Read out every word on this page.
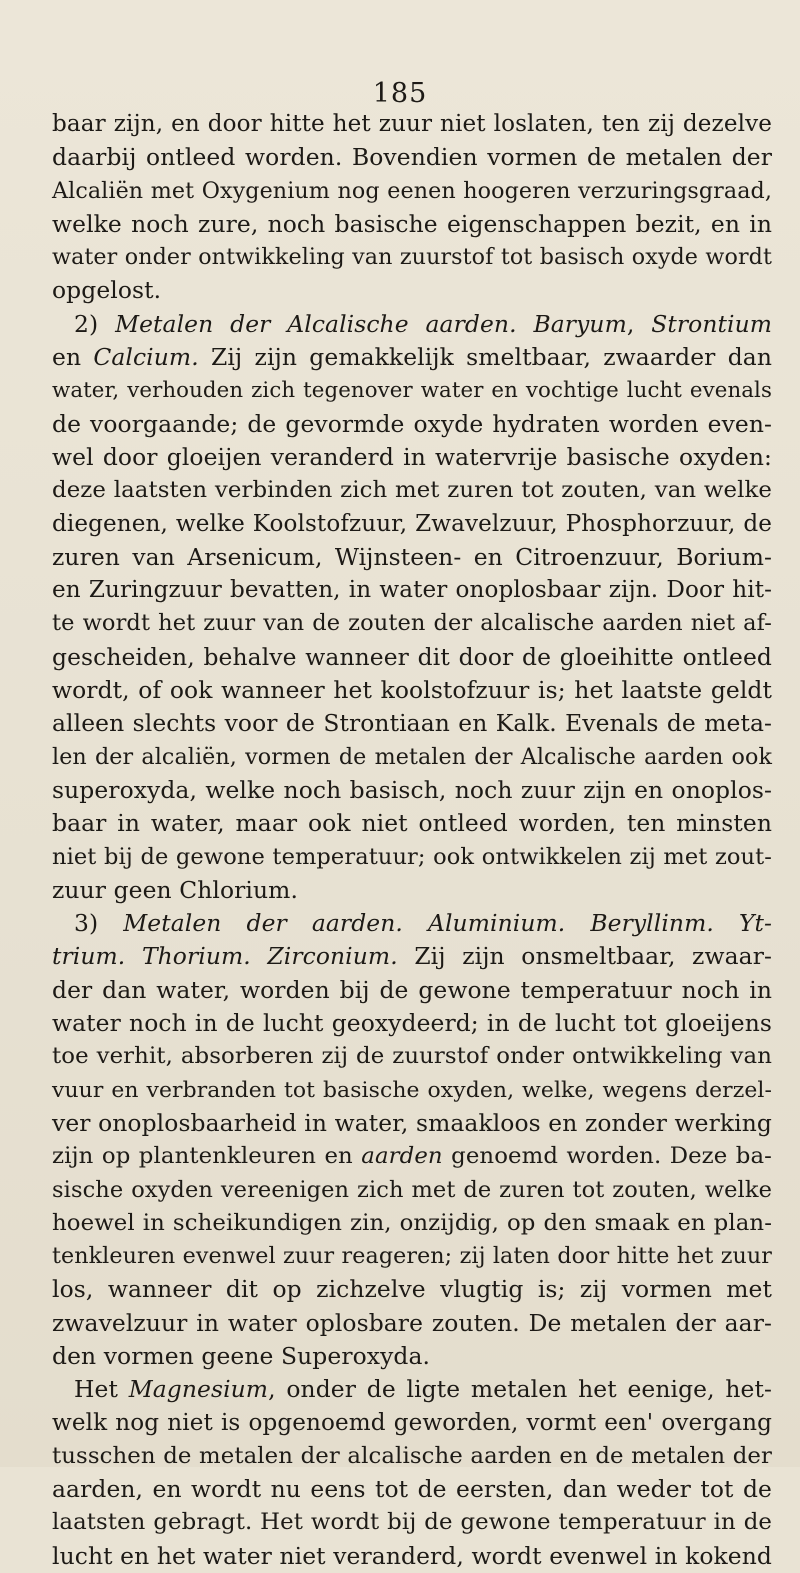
185
baar zijn, en door hitte het zuur niet loslaten, ten zij dezelve
daarbij ontleed worden. Bovendien vormen de metalen der
Alcaliën met Oxygenium nog eenen hoogeren verzuringsgraad,
welke noch zure, noch basische eigenschappen bezit, en in
water onder ontwikkeling van zuurstof tot basisch oxyde wordt
opgelost.
2) Metalen der Alcalische aarden. Baryum, Strontium
en Calcium. Zij zijn gemakkelijk smeltbaar, zwaarder dan
water, verhouden zich tegenover water en vochtige lucht evenals
de voorgaande; de gevormde oxyde hydraten worden even-
wel door gloeijen veranderd in watervrije basische oxyden:
deze laatsten verbinden zich met zuren tot zouten, van welke
diegenen, welke Koolstofzuur, Zwavelzuur, Phosphorzuur, de
zuren van Arsenicum, Wijnsteen- en Citroenzuur, Borium-
en Zuringzuur bevatten, in water onoplosbaar zijn. Door hit-
te wordt het zuur van de zouten der alcalische aarden niet af-
gescheiden, behalve wanneer dit door de gloeihitte ontleed
wordt, of ook wanneer het koolstofzuur is; het laatste geldt
alleen slechts voor de Strontiaan en Kalk. Evenals de meta-
len der alcaliën, vormen de metalen der Alcalische aarden ook
superoxyda, welke noch basisch, noch zuur zijn en onoplos-
baar in water, maar ook niet ontleed worden, ten minsten
niet bij de gewone temperatuur; ook ontwikkelen zij met zout-
zuur geen Chlorium.
3) Metalen der aarden. Aluminium. Beryllinm. Yt-
trium. Thorium. Zirconium. Zij zijn onsmeltbaar, zwaar-
der dan water, worden bij de gewone temperatuur noch in
water noch in de lucht geoxydeerd; in de lucht tot gloeijens
toe verhit, absorberen zij de zuurstof onder ontwikkeling van
vuur en verbranden tot basische oxyden, welke, wegens derzel-
ver onoplosbaarheid in water, smaakloos en zonder werking
zijn op plantenkleuren en aarden genoemd worden. Deze ba-
sische oxyden vereenigen zich met de zuren tot zouten, welke
hoewel in scheikundigen zin, onzijdig, op den smaak en plan-
tenkleuren evenwel zuur reageren; zij laten door hitte het zuur
los, wanneer dit op zichzelve vlugtig is; zij vormen met
zwavelzuur in water oplosbare zouten. De metalen der aar-
den vormen geene Superoxyda.
Het Magnesium, onder de ligte metalen het eenige, het-
welk nog niet is opgenoemd geworden, vormt een' overgang
tusschen de metalen der alcalische aarden en de metalen der
aarden, en wordt nu eens tot de eersten, dan weder tot de
laatsten gebragt. Het wordt bij de gewone temperatuur in de
lucht en het water niet veranderd, wordt evenwel in kokend
